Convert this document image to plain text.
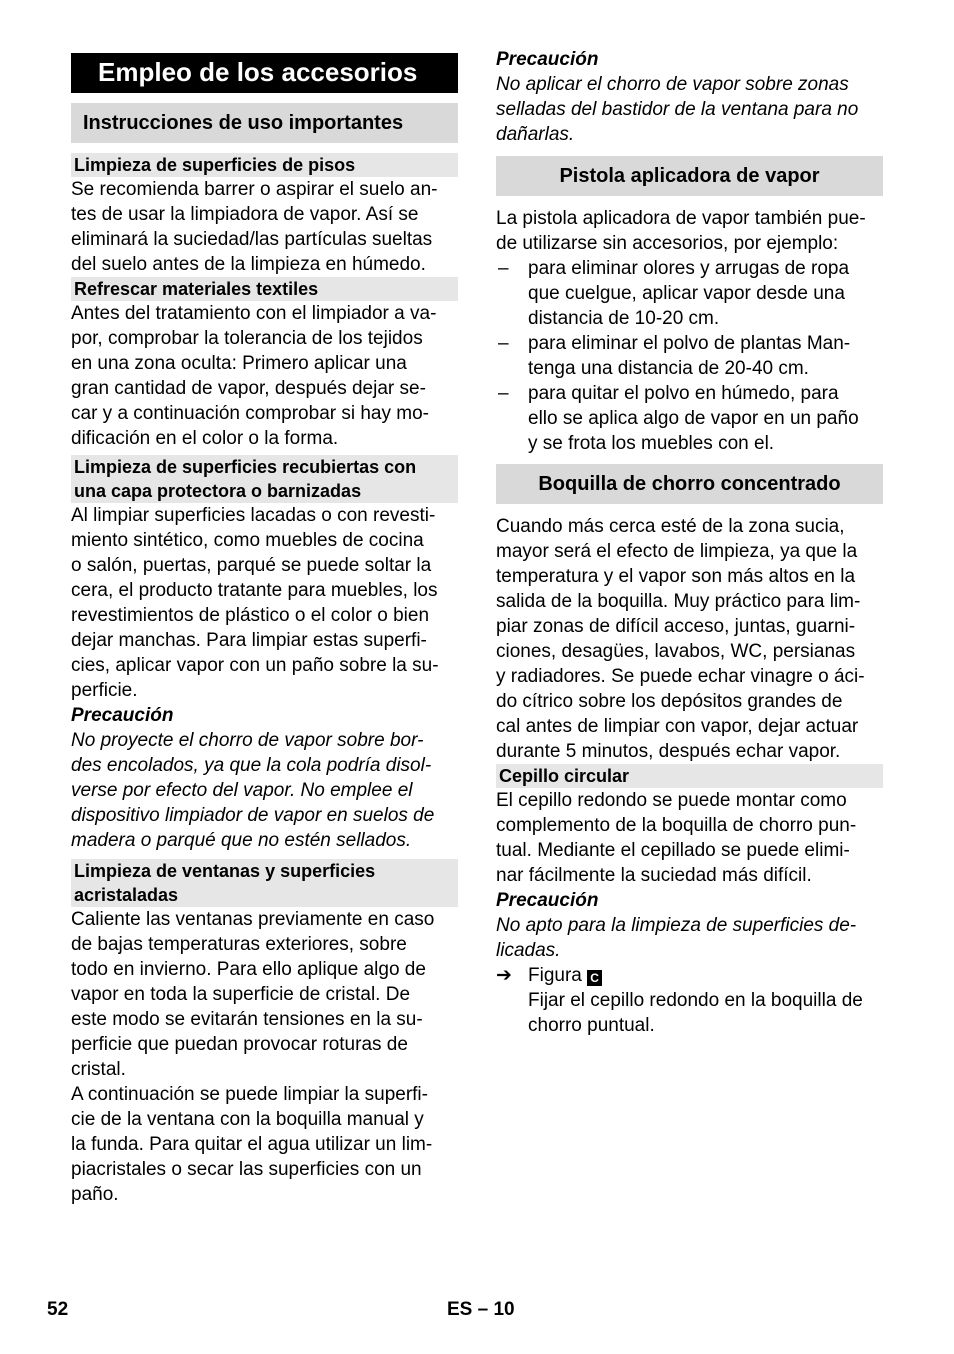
Empleo de los accesorios
Instrucciones de uso importantes
Limpieza de superficies de pisos

Se recomienda barrer o aspirar el suelo an-

tes de usar la limpiadora de vapor. Así se

eliminará la suciedad/las partículas sueltas

del suelo antes de la limpieza en húmedo.

Refrescar materiales textiles

Antes del tratamiento con el limpiador a va-

por, comprobar la tolerancia de los tejidos

en una zona oculta: Primero aplicar una

gran cantidad de vapor, después dejar se-

car y a continuación comprobar si hay mo-

dificación en el color o la forma.

Limpieza de superficies recubiertas con
una capa protectora o barnizadas

Al limpiar superficies lacadas o con revesti-

miento sintético, como muebles de cocina

o salón, puertas, parqué se puede soltar la

cera, el producto tratante para muebles, los

revestimientos de plástico o el color o bien

dejar manchas. Para limpiar estas superfi-

cies, aplicar vapor con un paño sobre la su-

perficie.

Precaución

No proyecte el chorro de vapor sobre bor-

des encolados, ya que la cola podría disol-

verse por efecto del vapor. No emplee el

dispositivo limpiador de vapor en suelos de

madera o parqué que no estén sellados.

Limpieza de ventanas y superficies
acristaladas

Caliente las ventanas previamente en caso

de bajas temperaturas exteriores, sobre

todo en invierno. Para ello aplique algo de

vapor en toda la superficie de cristal. De

este modo se evitarán tensiones en la su-

perficie que puedan provocar roturas de

cristal.

A continuación se puede limpiar la superfi-

cie de la ventana con la boquilla manual y

la funda. Para quitar el agua utilizar un lim-

piacristales o secar las superficies con un

paño.

Precaución

No aplicar el chorro de vapor sobre zonas

selladas del bastidor de la ventana para no

dañarlas.

Pistola aplicadora de vapor

La pistola aplicadora de vapor también pue-

de utilizarse sin accesorios, por ejemplo:

– para eliminar olores y arrugas de ropa
que cuelgue, aplicar vapor desde una
distancia de 10-20 cm.
– para eliminar el polvo de plantas Man-
tenga una distancia de 20-40 cm.
– para quitar el polvo en húmedo, para
ello se aplica algo de vapor en un paño
y se frota los muebles con el.
Boquilla de chorro concentrado

Cuando más cerca esté de la zona sucia,

mayor será el efecto de limpieza, ya que la

temperatura y el vapor son más altos en la

salida de la boquilla. Muy práctico para lim-

piar zonas de difícil acceso, juntas, guarni-

ciones, desagües, lavabos, WC, persianas

y radiadores. Se puede echar vinagre o áci-

do cítrico sobre los depósitos grandes de

cal antes de limpiar con vapor, dejar actuar

durante 5 minutos, después echar vapor.

Cepillo circular

El cepillo redondo se puede montar como

complemento de la boquilla de chorro pun-

tual. Mediante el cepillado se puede elimi-

nar fácilmente la suciedad más difícil.

Precaución

No apto para la limpieza de superficies de-

licadas.

➔ Figura C
Fijar el cepillo redondo en la boquilla de
chorro puntual.
52	ES – 10
